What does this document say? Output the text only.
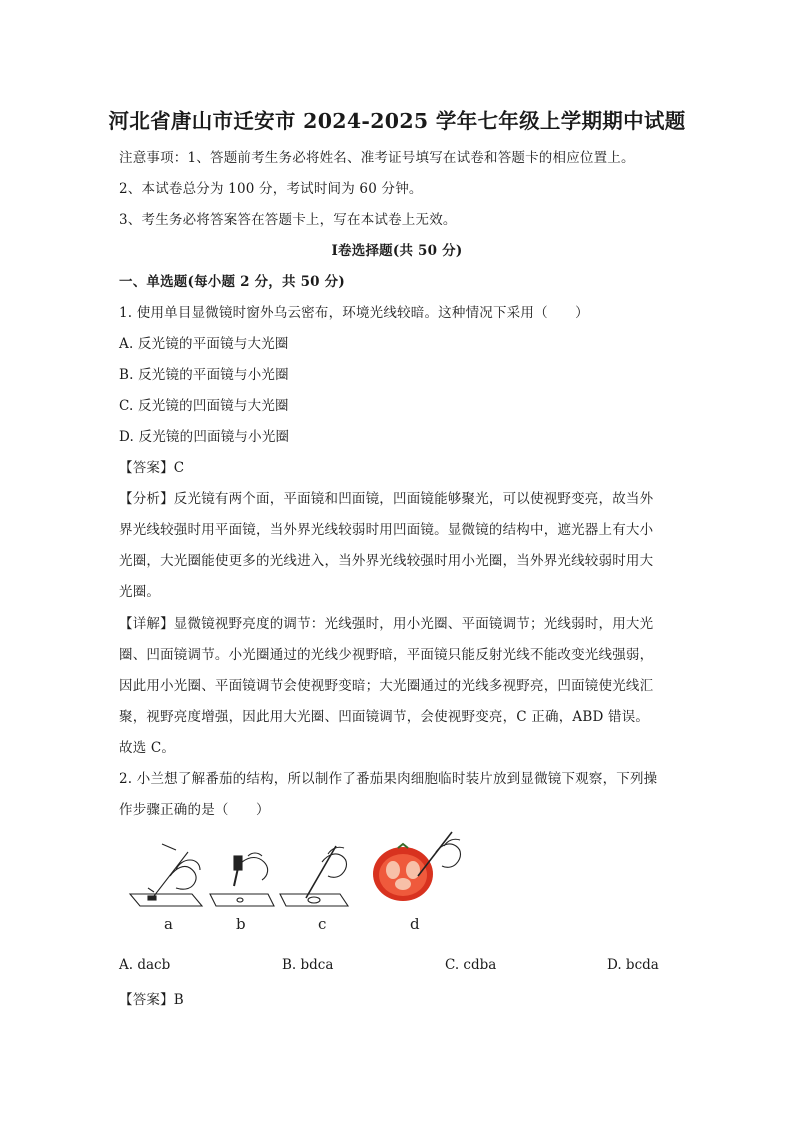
河北省唐山市迁安市 2024-2025 学年七年级上学期期中试题
注意事项：1、答题前考生务必将姓名、准考证号填写在试卷和答题卡的相应位置上。
2、本试卷总分为 100 分，考试时间为 60 分钟。
3、考生务必将答案答在答题卡上，写在本试卷上无效。
Ⅰ卷选择题(共 50 分)
一、单选题(每小题 2 分，共 50 分)
1. 使用单目显微镜时窗外乌云密布，环境光线较暗。这种情况下采用（　　）
A. 反光镜的平面镜与大光圈
B. 反光镜的平面镜与小光圈
C. 反光镜的凹面镜与大光圈
D. 反光镜的凹面镜与小光圈
【答案】C
【分析】反光镜有两个面，平面镜和凹面镜，凹面镜能够聚光，可以使视野变亮，故当外
界光线较强时用平面镜，当外界光线较弱时用凹面镜。显微镜的结构中，遮光器上有大小
光圈，大光圈能使更多的光线进入，当外界光线较强时用小光圈，当外界光线较弱时用大
光圈。
【详解】显微镜视野亮度的调节：光线强时，用小光圈、平面镜调节；光线弱时，用大光
圈、凹面镜调节。小光圈通过的光线少视野暗，平面镜只能反射光线不能改变光线强弱，
因此用小光圈、平面镜调节会使视野变暗；大光圈通过的光线多视野亮，凹面镜使光线汇
聚，视野亮度增强，因此用大光圈、凹面镜调节，会使视野变亮，C 正确，ABD 错误。
故选 C。
2. 小兰想了解番茄的结构，所以制作了番茄果肉细胞临时装片放到显微镜下观察，下列操
作步骤正确的是（　　）
a	b	c	d
A. dacb	B. bdca	C. cdba	D. bcda
【答案】B
